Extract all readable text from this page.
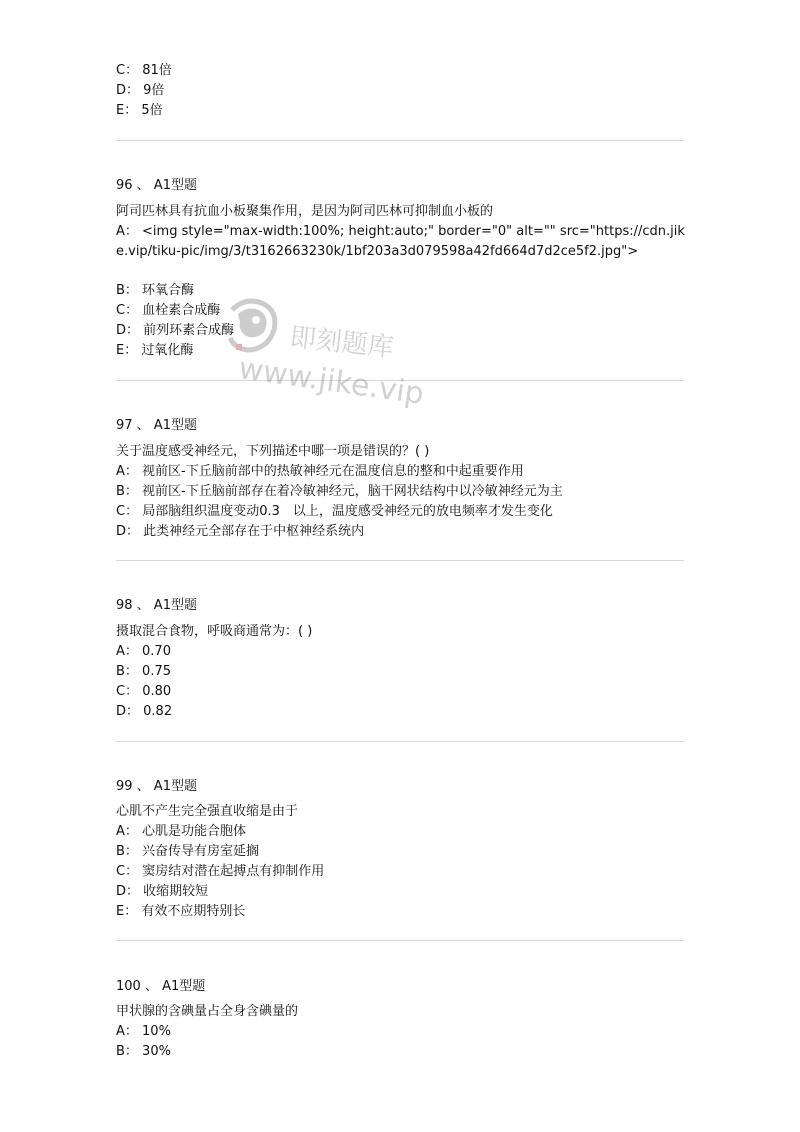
C： 81倍
D： 9倍
E： 5倍
96 、 A1型题
阿司匹林具有抗血小板聚集作用，是因为阿司匹林可抑制血小板的
A： <img style="max-width:100%; height:auto;" border="0" alt="" src="https://cdn.jike.vip/tiku-pic/img/3/t3162663230k/1bf203a3d079598a42fd664d7d2ce5f2.jpg">
B： 环氧合酶
C： 血栓素合成酶
D： 前列环素合成酶
E： 过氧化酶
97 、 A1型题
关于温度感受神经元，下列描述中哪一项是错误的？( )
A： 视前区-下丘脑前部中的热敏神经元在温度信息的整和中起重要作用
B： 视前区-下丘脑前部存在着冷敏神经元，脑干网状结构中以冷敏神经元为主
C： 局部脑组织温度变动0.3　以上，温度感受神经元的放电频率才发生变化
D： 此类神经元全部存在于中枢神经系统内
98 、 A1型题
摄取混合食物，呼吸商通常为：( )
A： 0.70
B： 0.75
C： 0.80
D： 0.82
99 、 A1型题
心肌不产生完全强直收缩是由于
A： 心肌是功能合胞体
B： 兴奋传导有房室延搁
C： 窦房结对潜在起搏点有抑制作用
D： 收缩期较短
E： 有效不应期特别长
100 、 A1型题
甲状腺的含碘量占全身含碘量的
A： 10%
B： 30%
即刻题库
www.jike.vip
